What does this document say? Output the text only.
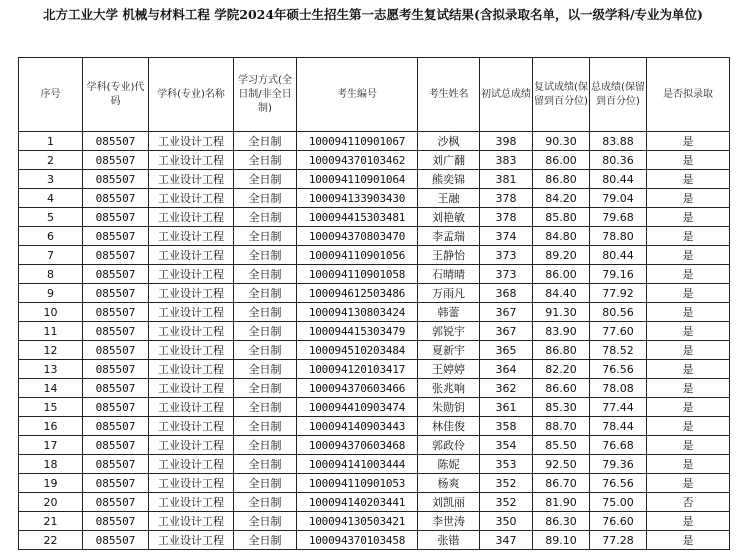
北方工业大学 机械与材料工程 学院2024年硕士生招生第一志愿考生复试结果(含拟录取名单，以一级学科/专业为单位)
序号	学科(专业)代码	学科(专业)名称	学习方式(全日制/非全日制)	考生编号	考生姓名	初试总成绩	复试成绩(保留到百分位)	总成绩(保留到百分位)	是否拟录取
1	085507	工业设计工程	全日制	100094110901067	沙枫	398	90.30	83.88	是
2	085507	工业设计工程	全日制	100094370103462	刘广翻	383	86.00	80.36	是
3	085507	工业设计工程	全日制	100094110901064	熊奕锦	381	86.80	80.44	是
4	085507	工业设计工程	全日制	100094133903430	王融	378	84.20	79.04	是
5	085507	工业设计工程	全日制	100094415303481	刘艳敏	378	85.80	79.68	是
6	085507	工业设计工程	全日制	100094370803470	李孟瑞	374	84.80	78.80	是
7	085507	工业设计工程	全日制	100094110901056	王静怡	373	89.20	80.44	是
8	085507	工业设计工程	全日制	100094110901058	石晴晴	373	86.00	79.16	是
9	085507	工业设计工程	全日制	100094612503486	万雨凡	368	84.40	77.92	是
10	085507	工业设计工程	全日制	100094130803424	韩蕾	367	91.30	80.56	是
11	085507	工业设计工程	全日制	100094415303479	郭锐宇	367	83.90	77.60	是
12	085507	工业设计工程	全日制	100094510203484	夏新宇	365	86.80	78.52	是
13	085507	工业设计工程	全日制	100094120103417	王婷婷	364	82.20	76.56	是
14	085507	工业设计工程	全日制	100094370603466	张兆响	362	86.60	78.08	是
15	085507	工业设计工程	全日制	100094410903474	朱勋钥	361	85.30	77.44	是
16	085507	工业设计工程	全日制	100094140903443	林佳俊	358	88.70	78.44	是
17	085507	工业设计工程	全日制	100094370603468	郭政伶	354	85.50	76.68	是
18	085507	工业设计工程	全日制	100094141003444	陈妮	353	92.50	79.36	是
19	085507	工业设计工程	全日制	100094110901053	杨爽	352	86.70	76.56	是
20	085507	工业设计工程	全日制	100094140203441	刘凯丽	352	81.90	75.00	否
21	085507	工业设计工程	全日制	100094130503421	李世涛	350	86.30	76.60	是
22	085507	工业设计工程	全日制	100094370103458	张锴	347	89.10	77.28	是
